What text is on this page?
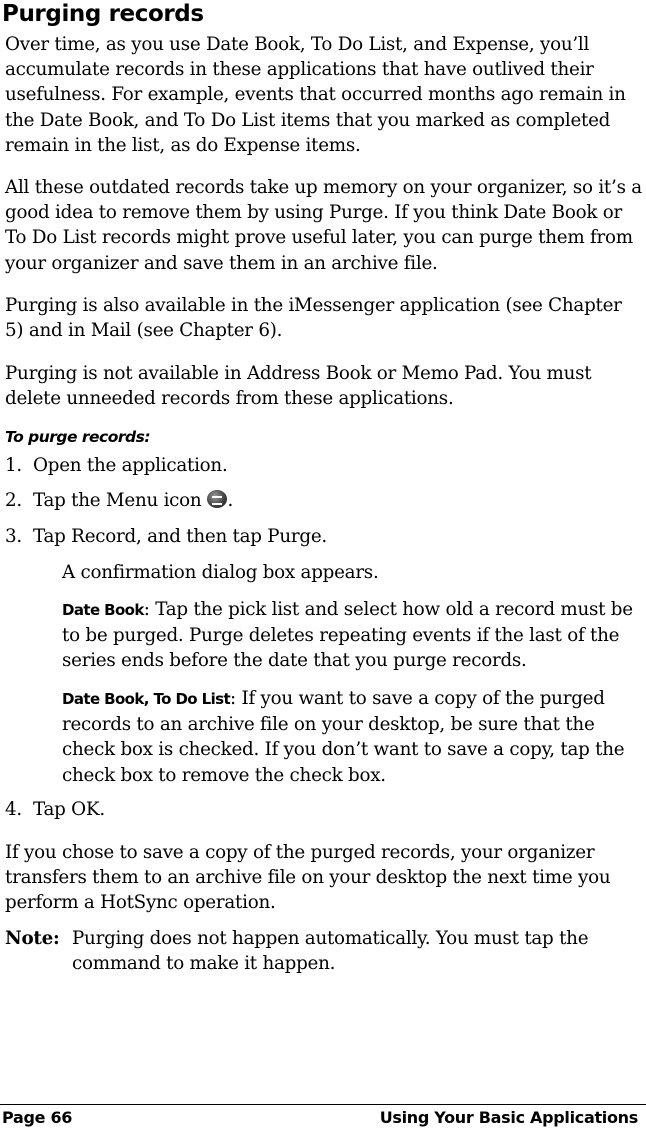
Purging records

Over time, as you use Date Book, To Do List, and Expense, you’ll accumulate records in these applications that have outlived their usefulness. For example, events that occurred months ago remain in the Date Book, and To Do List items that you marked as completed remain in the list, as do Expense items.

All these outdated records take up memory on your organizer, so it’s a good idea to remove them by using Purge. If you think Date Book or To Do List records might prove useful later, you can purge them from your organizer and save them in an archive file.

Purging is also available in the iMessenger application (see Chapter 5) and in Mail (see Chapter 6).

Purging is not available in Address Book or Memo Pad. You must delete unneeded records from these applications.

To purge records:
1. Open the application.
2. Tap the Menu icon .
3. Tap Record, and then tap Purge.

A confirmation dialog box appears.

Date Book: Tap the pick list and select how old a record must be to be purged. Purge deletes repeating events if the last of the series ends before the date that you purge records.

Date Book, To Do List: If you want to save a copy of the purged records to an archive file on your desktop, be sure that the check box is checked. If you don’t want to save a copy, tap the check box to remove the check box.

4. Tap OK.

If you chose to save a copy of the purged records, your organizer transfers them to an archive file on your desktop the next time you perform a HotSync operation.

Note: Purging does not happen automatically. You must tap the command to make it happen.
Page 66	Using Your Basic Applications
